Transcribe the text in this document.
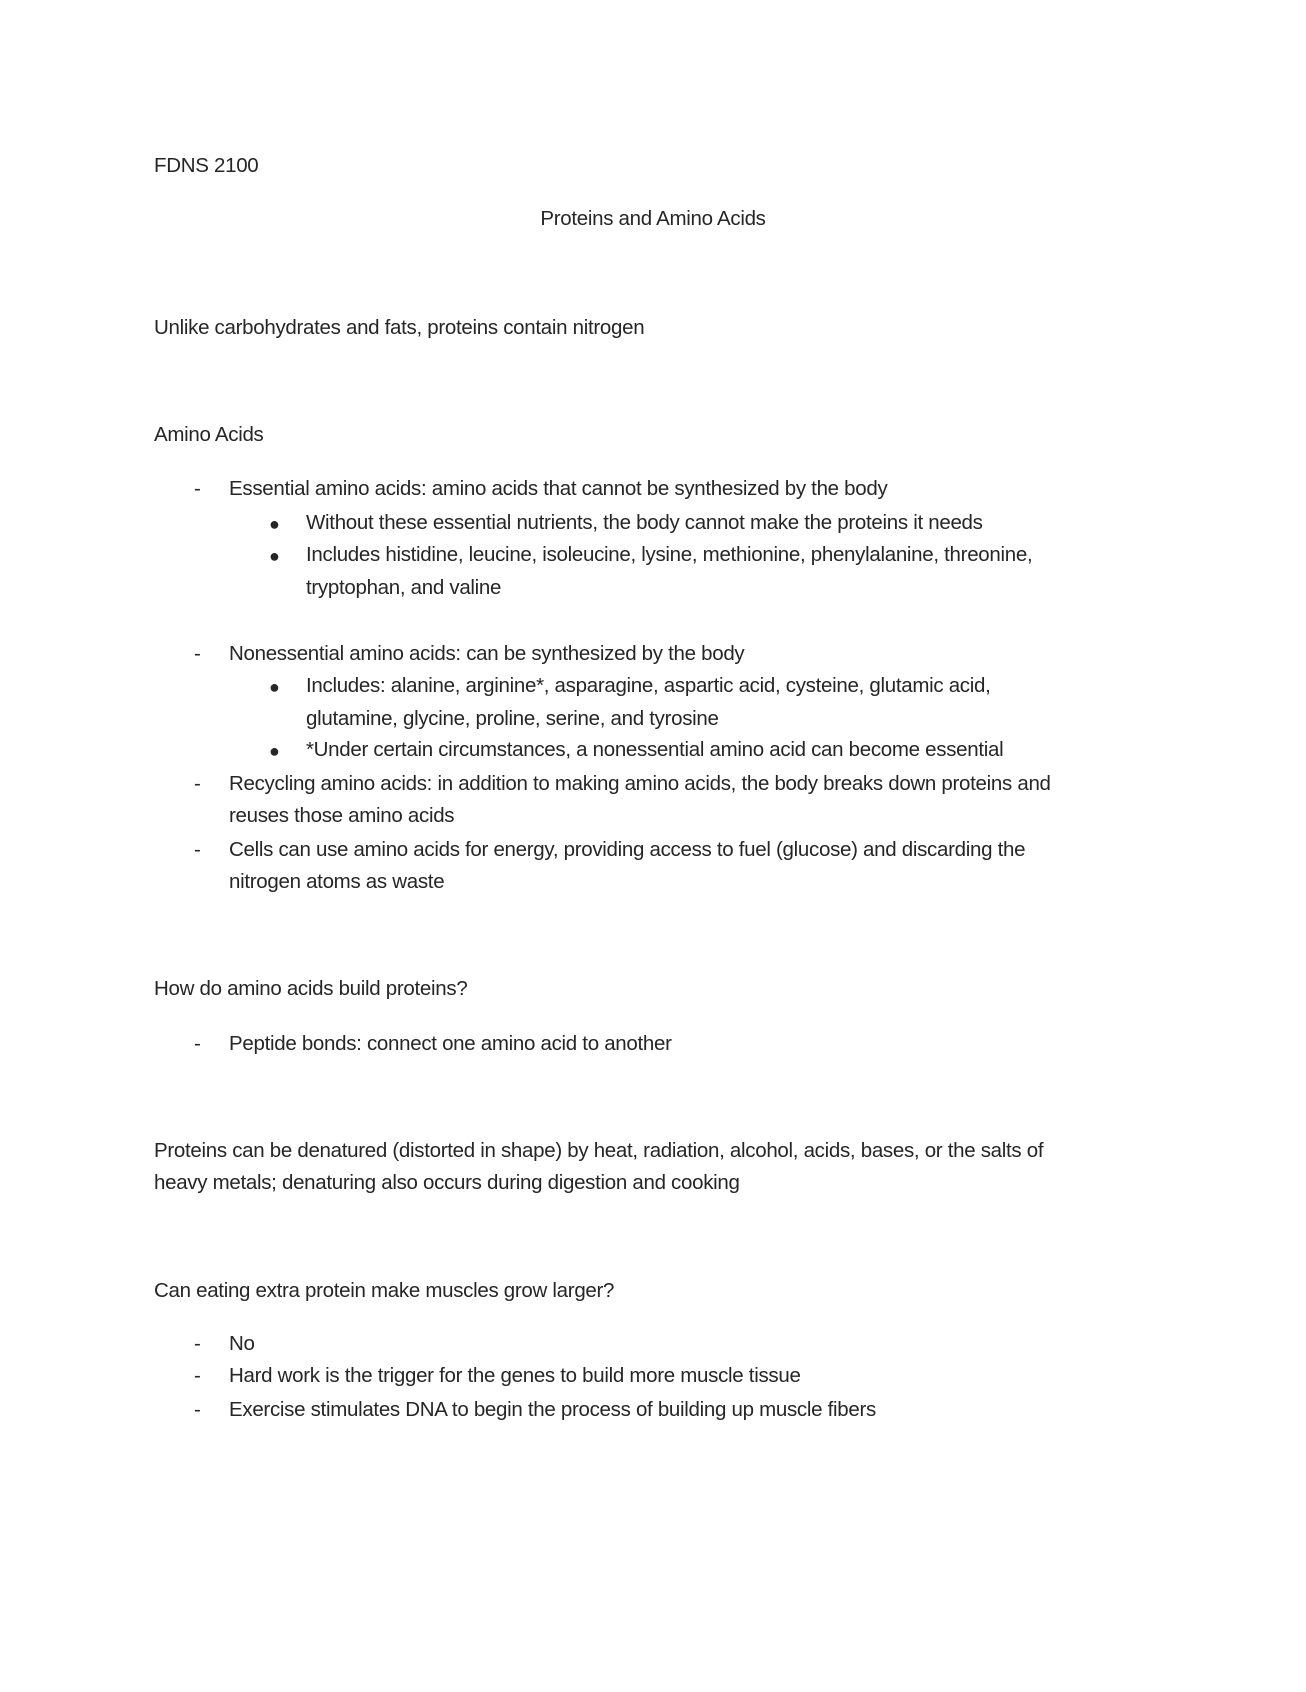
FDNS 2100
Proteins and Amino Acids
Unlike carbohydrates and fats, proteins contain nitrogen
Amino Acids
- Essential amino acids: amino acids that cannot be synthesized by the body
● Without these essential nutrients, the body cannot make the proteins it needs
● Includes histidine, leucine, isoleucine, lysine, methionine, phenylalanine, threonine,
tryptophan, and valine
- Nonessential amino acids: can be synthesized by the body
● Includes: alanine, arginine*, asparagine, aspartic acid, cysteine, glutamic acid,
glutamine, glycine, proline, serine, and tyrosine
● *Under certain circumstances, a nonessential amino acid can become essential
- Recycling amino acids: in addition to making amino acids, the body breaks down proteins and
reuses those amino acids
- Cells can use amino acids for energy, providing access to fuel (glucose) and discarding the
nitrogen atoms as waste
How do amino acids build proteins?
- Peptide bonds: connect one amino acid to another
Proteins can be denatured (distorted in shape) by heat, radiation, alcohol, acids, bases, or the salts of
heavy metals; denaturing also occurs during digestion and cooking
Can eating extra protein make muscles grow larger?
- No
- Hard work is the trigger for the genes to build more muscle tissue
- Exercise stimulates DNA to begin the process of building up muscle fibers
